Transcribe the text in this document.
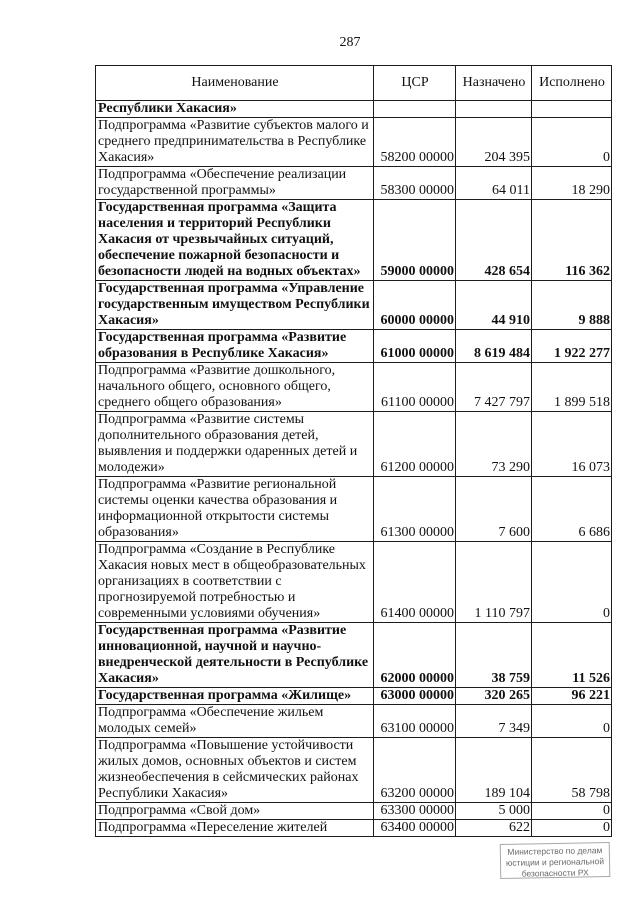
287
Наименование	ЦСР	Назначено	Исполнено
Республики Хакасия»			
Подпрограмма «Развитие субъектов малого и
среднего предпринимательства в Республике
Хакасия»	58200 00000	204 395	0
Подпрограмма «Обеспечение реализации
государственной программы»	58300 00000	64 011	18 290
Государственная программа «Защита
населения и территорий Республики
Хакасия от чрезвычайных ситуаций,
обеспечение пожарной безопасности и
безопасности людей на водных объектах»	59000 00000	428 654	116 362
Государственная программа «Управление
государственным имуществом Республики
Хакасия»	60000 00000	44 910	9 888
Государственная программа «Развитие
образования в Республике Хакасия»	61000 00000	8 619 484	1 922 277
Подпрограмма «Развитие дошкольного,
начального общего, основного общего,
среднего общего образования»	61100 00000	7 427 797	1 899 518
Подпрограмма «Развитие системы
дополнительного образования детей,
выявления и поддержки одаренных детей и
молодежи»	61200 00000	73 290	16 073
Подпрограмма «Развитие региональной
системы оценки качества образования и
информационной открытости системы
образования»	61300 00000	7 600	6 686
Подпрограмма «Создание в Республике
Хакасия новых мест в общеобразовательных
организациях в соответствии с
прогнозируемой потребностью и
современными условиями обучения»	61400 00000	1 110 797	0
Государственная программа «Развитие
инновационной, научной и научно-
внедренческой деятельности в Республике
Хакасия»	62000 00000	38 759	11 526
Государственная программа «Жилище»	63000 00000	320 265	96 221
Подпрограмма «Обеспечение жильем
молодых семей»	63100 00000	7 349	0
Подпрограмма «Повышение устойчивости
жилых домов, основных объектов и систем
жизнеобеспечения в сейсмических районах
Республики Хакасия»	63200 00000	189 104	58 798
Подпрограмма «Свой дом»	63300 00000	5 000	0
Подпрограмма «Переселение жителей	63400 00000	622	0
Министерство по делам
юстиции и региональной
безопасности РХ
